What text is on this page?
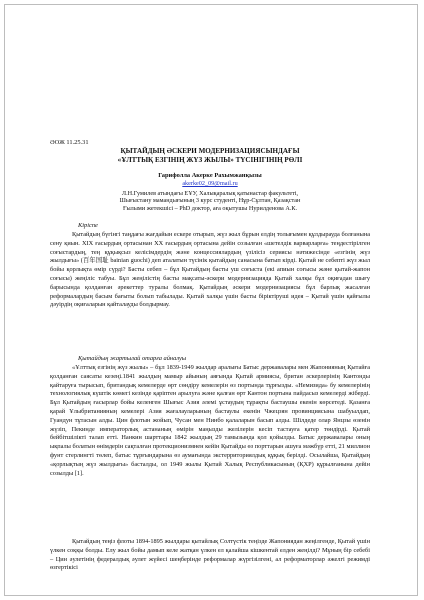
ӘОЖ 11.25.31
ҚЫТАЙДЫҢ ӘСКЕРИ МОДЕРНИЗАЦИЯСЫНДАҒЫ
«ҰЛТТЫҚ ЕЗГІНІҢ ЖҮЗ ЖЫЛЫ» ТҮСІНІГІНІҢ РӨЛІ
Гарифолла Акеркe Рахымжанқызы
akerke02_09@mail.ru
Л.Н.Гумилев атындағы ЕҰУ, Халықаралық қатынастар факультеті,
Шығыстану мамандығының 3 курс студенті, Нұр-Сұлтан, Қазақстан
Ғылыми жетекшісі – PhD доктор, аға оқытушы Нурилденова А.К.
Кіріспе

Қытайдың бүгінгі таңдағы жағдайын ескере отырып, жүз жыл бұрын елдің толығымен құлдырауда болғанына сену қиын. XIX ғасырдың ортасынан XX ғасырдың ортасына дейін созылған «шетелдік варварларға» теңдестірілген соғыстардың, тең құқықсыз келісімдердің және концессиялардың үзілісіз сериясы нәтижесінде «езгінің жүз жылдығы» (百年国耻 bainian guochi) деп аталатын түсінік қытайдың санасына батып кірді. Қытай не себепті жүз жыл бойы қорлықта өмір сүрді? Басты себеп – бұл Қытайдың басты уш соғыста (екі апиын соғысы және қытай-жапон соғысы) жеңіліс табуы. Бұл жеңілістің басты мақсаты-әскери модернизацияда Қытай халқы бұл оқиғадан шығу барысында қолданған әрекеттер туралы болмақ. Қытайдың әскери модернизациясы бұл барлық жасалған реформалардың басым бағыты болып табылады. Қытай халқы үшін басты біріктіруші идея – Қытай үшін қайғылы дәуірдің оқиғаларын қайталауды болдырмау.

Қытайдың жартылай отарға айналуы

«Ұлттық езгінің жүз жылы» – бұл 1839-1949 жылдар аралығы Батыс державалары мен Жапонияның Қытайға қолданған саясаты кезеңі.1841 жылдың мамыр айының аяғында Қытай армиясы, британ әскерлерінің Кантонды қайтаруға тырысып, британдық кемелерде өрт сөндіру кемелерін өз портында тұрғызды. «Немизида» бу кемелерінің технологиялық күштік көмегі кезінде қаріптен арылуға және қалған өрт Кантон портына пайдасыз кемелерді жіберді. Бұл Қытайдың ғасырлар бойы келенген Шығыс Азия әлемі ұстаудың тұрақты бастаушы екенін көрсетеді. Қазанға қарай Ұлыбританияның кемелері Азия жағалауларының бастаулы екенін Чжецзян провинциясына шабуылдап, Гуандун тұтасын алды. Цин флотын жойып, Чусан мен Нинбо қалаларын басып алды. Шілдеде олар Янцзы өзенін жүзіп, Пекинде императорлық астананың өмірін маңызды желілерін кесіп тастауға қатер төндірді. Қытай бейбітшілікті талап етті. Нанкин шарттары 1842 жылдың 29 тамызында қол қойылды. Батыс державалары оның ықпалы болатын өнімдерін сақталған протекционизмнен кейін Қытайды өз порттарын ашуға мәжбүр етті, 21 миллион фунт стерлингті төлеп, батыс тұрғындарына өз аумағында экстерриториялдық құқық берілді. Осылайша, Қытайдың «қорлықтың жүз жылдығы» басталды, ол 1949 жылы Қытай Халық Республикасының (ҚХР) құрылғанына дейін созылды [1].

Қытайдың теңіз флоты 1894-1895 жылдары қытайлық Солтүстік теңізде Жапониядан жеңілгенде, Қытай үшін үлкен соққы болды. Елу жыл бойы дамып келе жатқан үлкен ел қалайша кішкентай елден жеңілді? Мұның бір себебі – Цин әулетінің федералдық әулет жүйесі шеңберінде реформалар жүргізілгені, ал реформаторлар әжелгі режимді өзгертікісі
